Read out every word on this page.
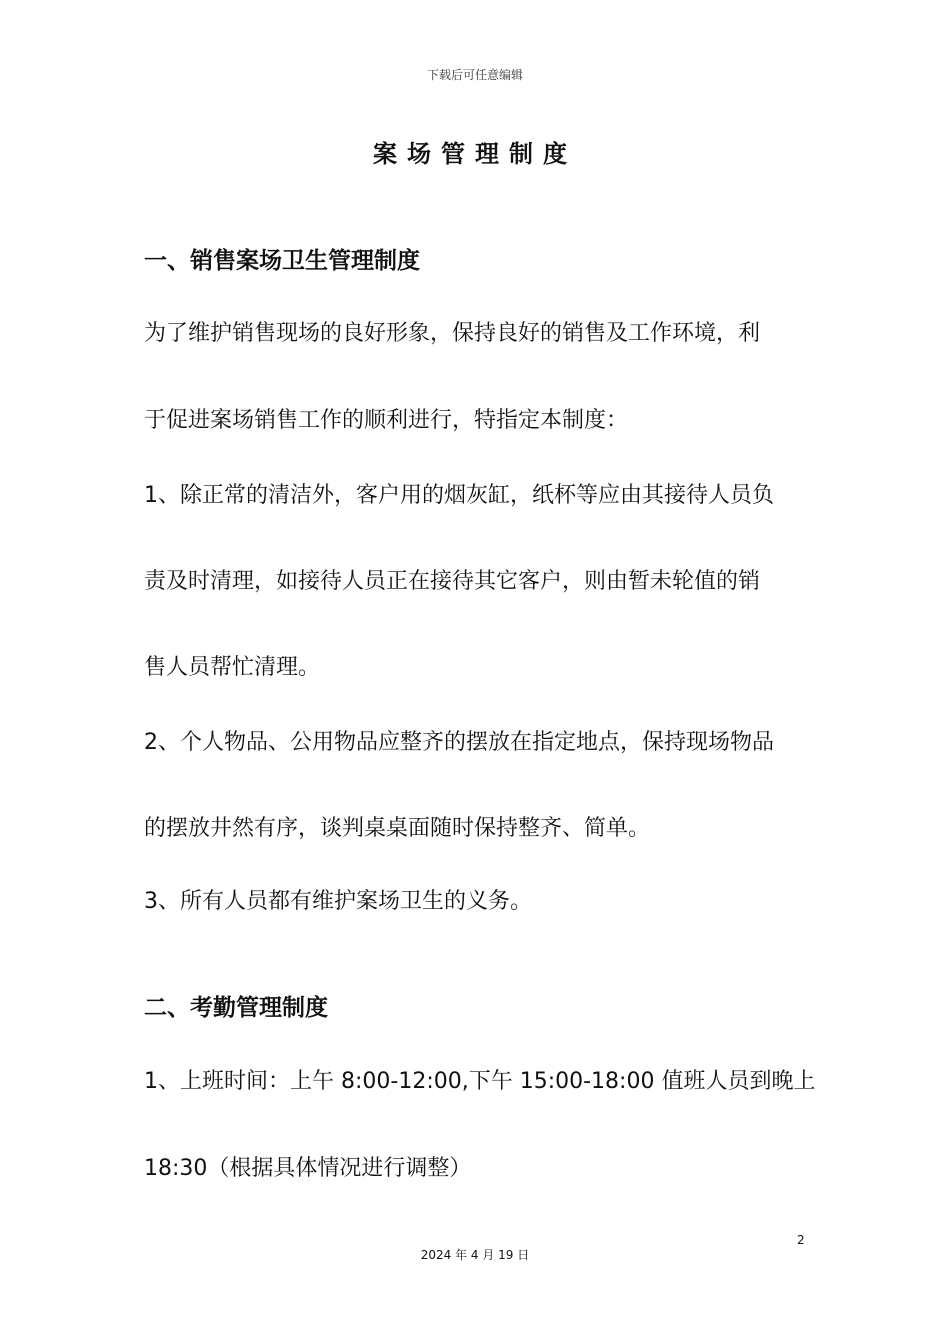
下载后可任意编辑
案场管理制度
一、销售案场卫生管理制度
为了维护销售现场的良好形象，保持良好的销售及工作环境，利
于促进案场销售工作的顺利进行，特指定本制度：
1、除正常的清洁外，客户用的烟灰缸，纸杯等应由其接待人员负
责及时清理，如接待人员正在接待其它客户，则由暂未轮值的销
售人员帮忙清理。
2、个人物品、公用物品应整齐的摆放在指定地点，保持现场物品
的摆放井然有序，谈判桌桌面随时保持整齐、简单。
3、所有人员都有维护案场卫生的义务。
二、考勤管理制度
1、上班时间：上午 8:00-12:00,下午 15:00-18:00 值班人员到晚上
18:30（根据具体情况进行调整）
2
2024 年 4 月 19 日
